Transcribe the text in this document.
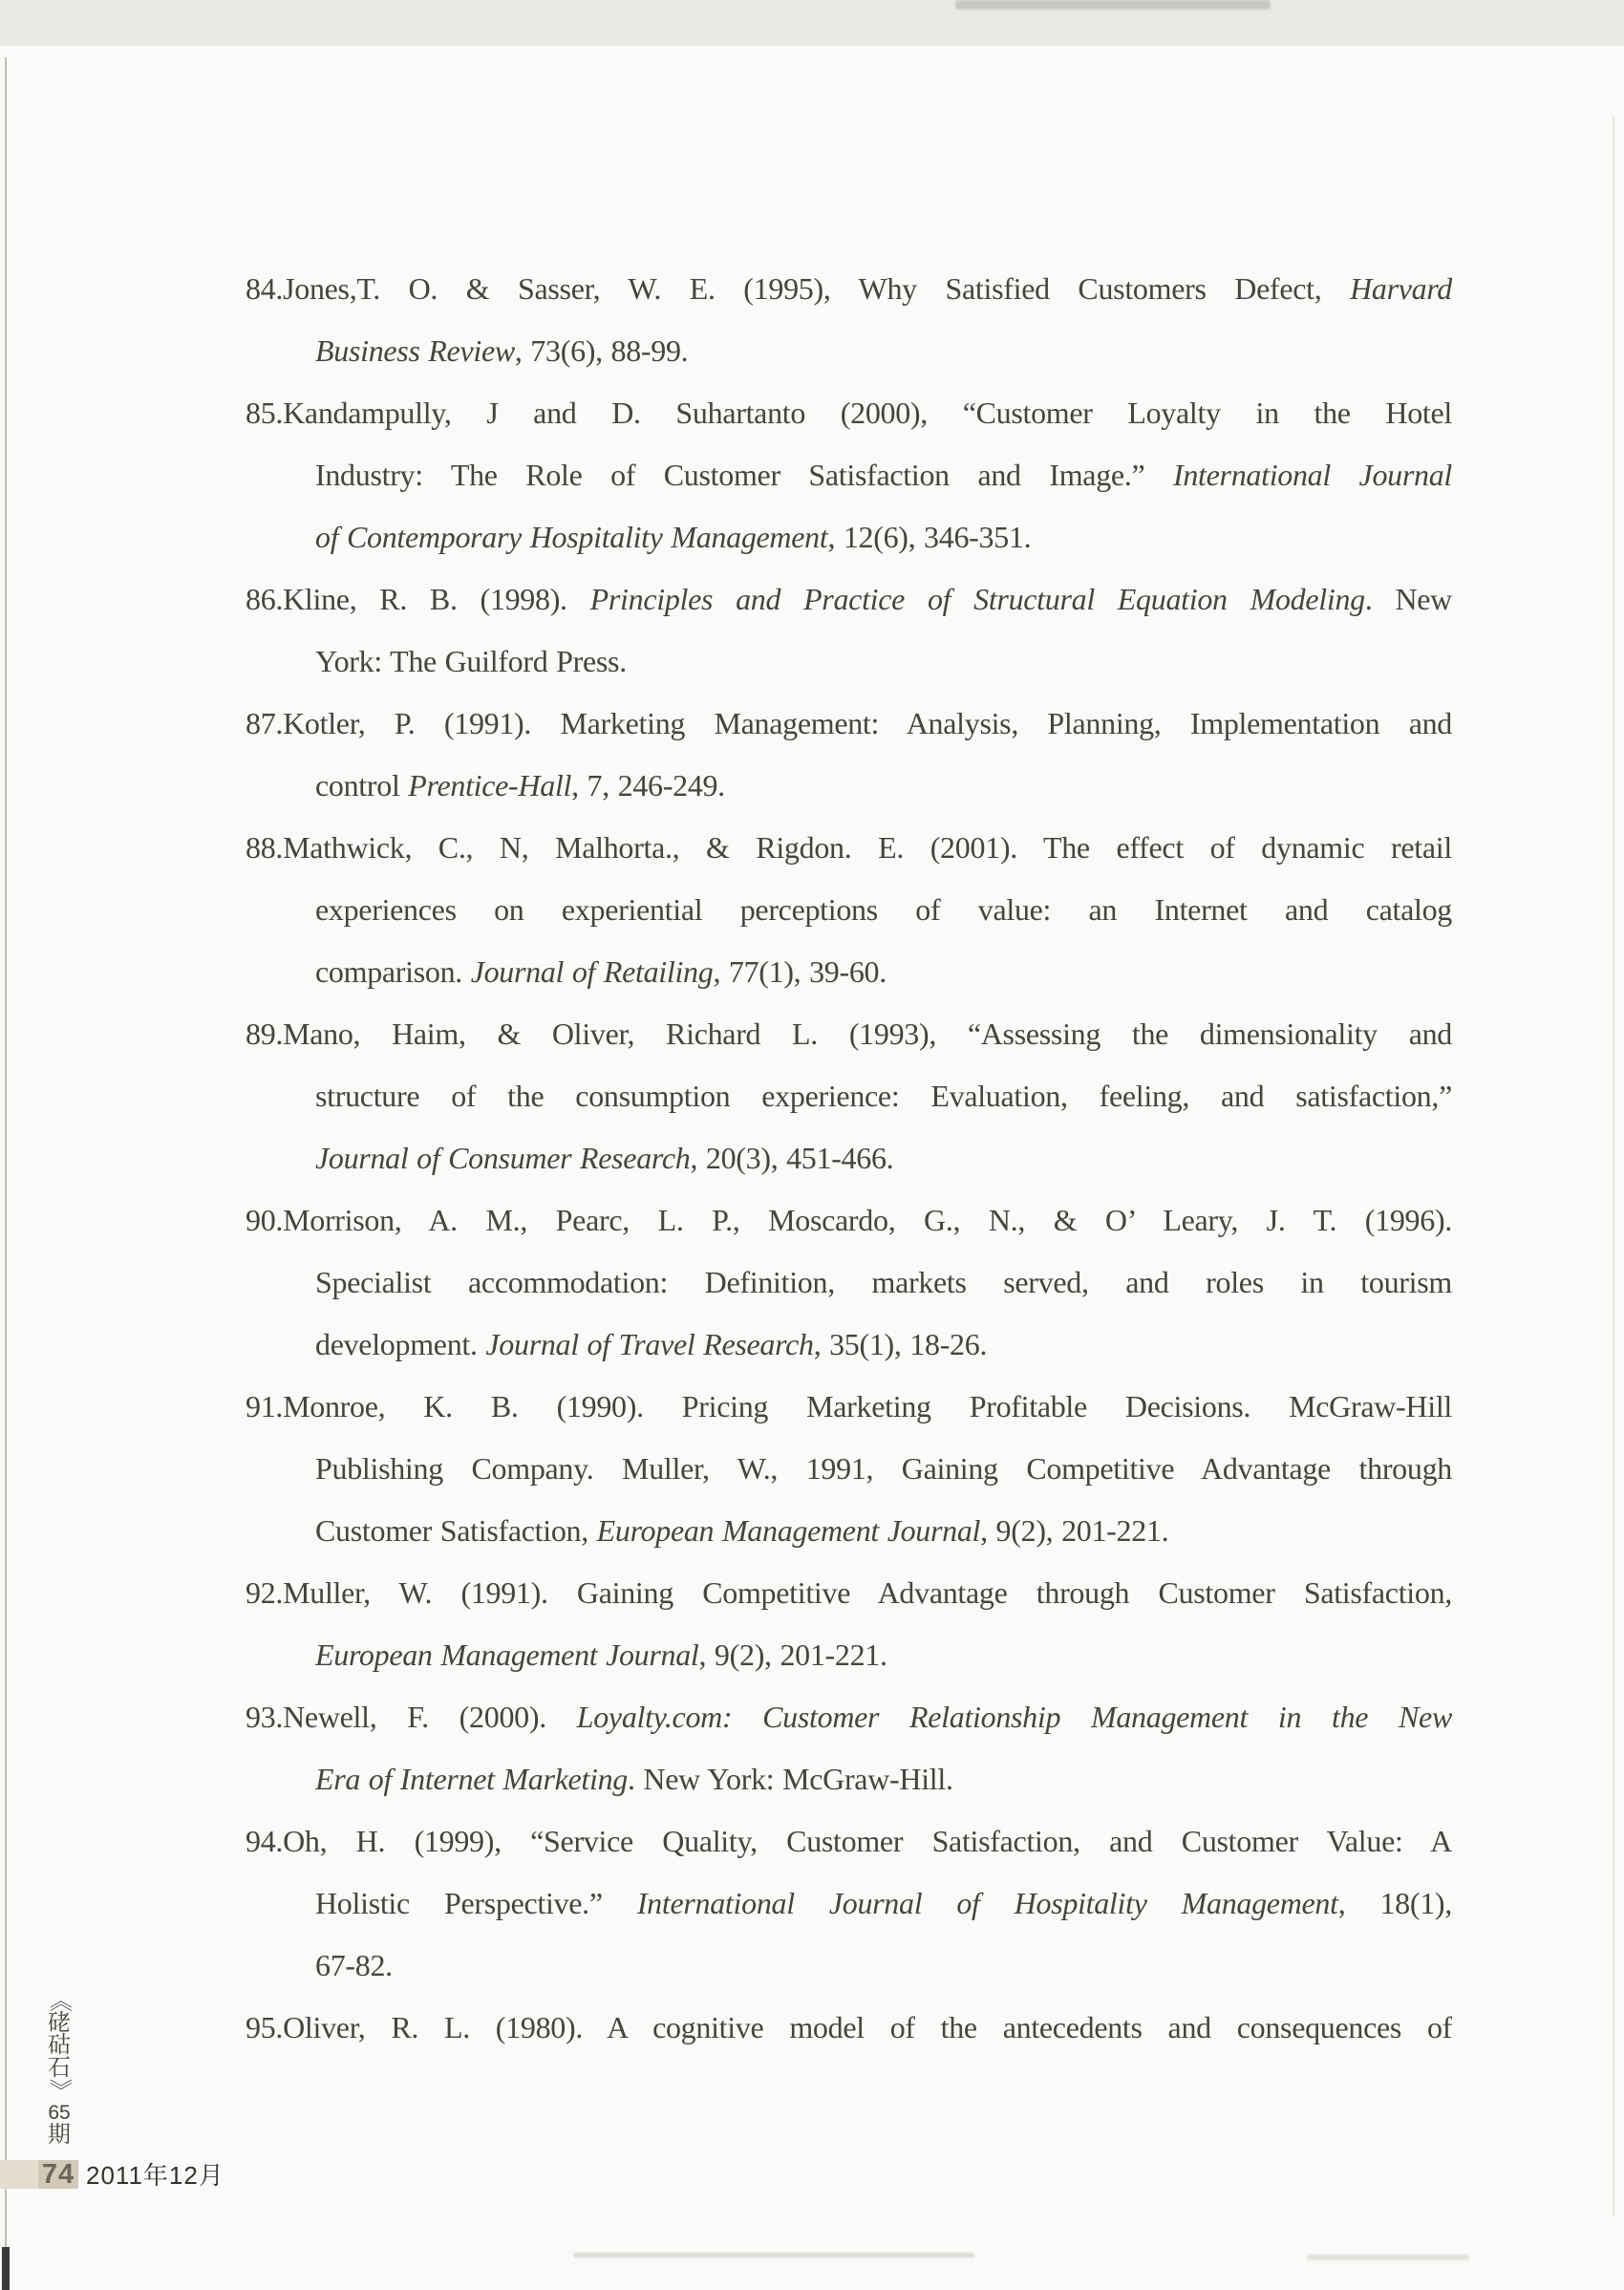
84.Jones,T. O. & Sasser, W. E. (1995), Why Satisfied Customers Defect, Harvard
Business Review, 73(6), 88-99.
85.Kandampully, J and D. Suhartanto (2000), “Customer Loyalty in the Hotel
Industry: The Role of Customer Satisfaction and Image.” International Journal
of Contemporary Hospitality Management, 12(6), 346-351.
86.Kline, R. B. (1998). Principles and Practice of Structural Equation Modeling. New
York: The Guilford Press.
87.Kotler, P. (1991). Marketing Management: Analysis, Planning, Implementation and
control Prentice-Hall, 7, 246-249.
88.Mathwick, C., N, Malhorta., & Rigdon. E. (2001). The effect of dynamic retail
experiences on experiential perceptions of value: an Internet and catalog
comparison. Journal of Retailing, 77(1), 39-60.
89.Mano, Haim, & Oliver, Richard L. (1993), “Assessing the dimensionality and
structure of the consumption experience: Evaluation, feeling, and satisfaction,”
Journal of Consumer Research, 20(3), 451-466.
90.Morrison, A. M., Pearc, L. P., Moscardo, G., N., & O’ Leary, J. T. (1996).
Specialist accommodation: Definition, markets served, and roles in tourism
development. Journal of Travel Research, 35(1), 18-26.
91.Monroe, K. B. (1990). Pricing Marketing Profitable Decisions. McGraw-Hill
Publishing Company. Muller, W., 1991, Gaining Competitive Advantage through
Customer Satisfaction, European Management Journal, 9(2), 201-221.
92.Muller, W. (1991). Gaining Competitive Advantage through Customer Satisfaction,
European Management Journal, 9(2), 201-221.
93.Newell, F. (2000). Loyalty.com: Customer Relationship Management in the New
Era of Internet Marketing. New York: McGraw-Hill.
94.Oh, H. (1999), “Service Quality, Customer Satisfaction, and Customer Value: A
Holistic Perspective.” International Journal of Hospitality Management, 18(1),
67-82.
95.Oliver, R. L. (1980). A cognitive model of the antecedents and consequences of
《
硓
𥑮
石
》
65
期
74 2011年12月
